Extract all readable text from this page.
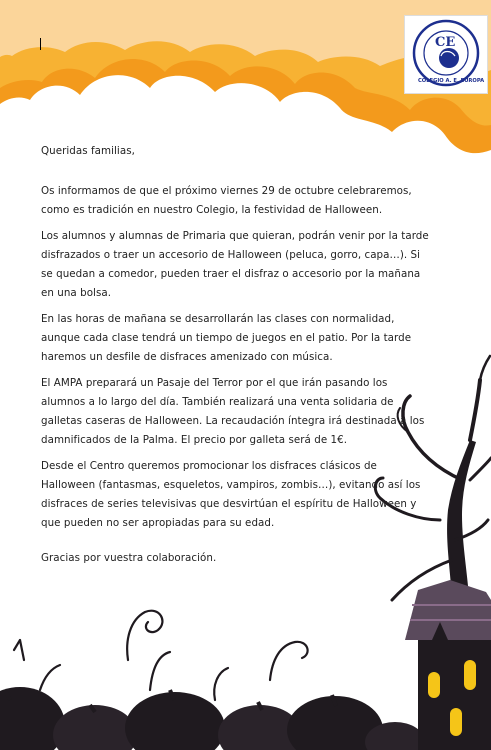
CE
COLEGIO A. E. EUROPA

Queridas familias,

Os informamos de que el próximo viernes 29 de octubre celebraremos, como es tradición en nuestro Colegio, la festividad de Halloween.

Los alumnos y alumnas de Primaria que quieran, podrán venir por la tarde disfrazados o traer un accesorio de Halloween (peluca, gorro, capa…). Si se quedan a comedor, pueden traer el disfraz o accesorio por la mañana en una bolsa.

En las horas de mañana se desarrollarán las clases con normalidad, aunque cada clase tendrá un tiempo de juegos en el patio. Por la tarde haremos un desfile de disfraces amenizado con música.

El AMPA preparará un Pasaje del Terror por el que irán pasando los alumnos a lo largo del día. También realizará una venta solidaria de galletas caseras de Halloween. La recaudación íntegra irá destinada a los damnificados de la Palma. El precio por galleta será de 1€.

Desde el Centro queremos promocionar los disfraces clásicos de Halloween (fantasmas, esqueletos, vampiros, zombis…), evitando así los disfraces de series televisivas que desvirtúan el espíritu de Halloween y que pueden no ser apropiadas para su edad.

Gracias por vuestra colaboración.
